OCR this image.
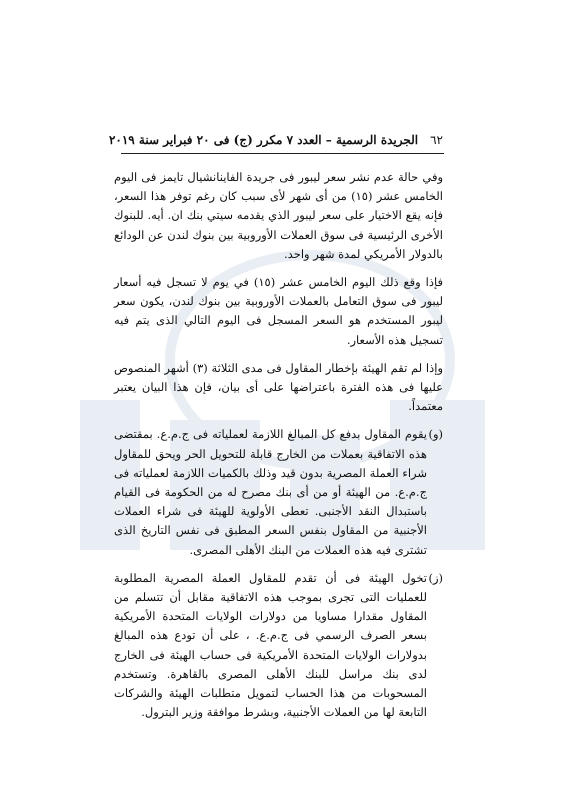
٦٢
الجريدة الرسمية – العدد ٧ مكرر (ج) فى ٢٠ فبراير سنة ٢٠١٩

وفي حالة عدم نشر سعر ليبور فى جريدة الفاينانشيال تايمز فى اليوم الخامس عشر (١٥) من أى شهر لأى سبب كان رغم توفر هذا السعر، فإنه يقع الاختيار على سعر ليبور الذي يقدمه سيتي بنك ان. أيه. للبنوك الأخرى الرئيسية فى سوق العملات الأوروبية بين بنوك لندن عن الودائع بالدولار الأمريكي لمدة شهر واحد.

فإذا وقع ذلك اليوم الخامس عشر (١٥) في يوم لا تسجل فيه أسعار ليبور فى سوق التعامل بالعملات الأوروبية بين بنوك لندن، يكون سعر ليبور المستخدم هو السعر المسجل فى اليوم التالي الذى يتم فيه تسجيل هذه الأسعار.

وإذا لم تقم الهيئة بإخطار المقاول فى مدى الثلاثة (٣) أشهر المنصوص عليها فى هذه الفترة باعتراضها على أى بيان، فإن هذا البيان يعتبر معتمداً.

(و)
يقوم المقاول بدفع كل المبالغ اللازمة لعملياته فى ج.م.ع. بمقتضى هذه الاتفاقية بعملات من الخارج قابلة للتحويل الحر ويحق للمقاول شراء العملة المصرية بدون قيد وذلك بالكميات اللازمة لعملياته فى ج.م.ع. من الهيئة أو من أى بنك مصرح له من الحكومة فى القيام باستبدال النقد الأجنبى. تعطى الأولوية للهيئة فى شراء العملات الأجنبية من المقاول بنفس السعر المطبق فى نفس التاريخ الذى تشترى فيه هذه العملات من البنك الأهلى المصرى.
(ز)
تخول الهيئة فى أن تقدم للمقاول العملة المصرية المطلوبة للعمليات التى تجرى بموجب هذه الاتفاقية مقابل أن تتسلم من المقاول مقدارا مساويا من دولارات الولايات المتحدة الأمريكية بسعر الصرف الرسمي فى ج.م.ع. ، على أن تودع هذه المبالغ بدولارات الولايات المتحدة الأمريكية فى حساب الهيئة فى الخارج لدى بنك مراسل للبنك الأهلى المصرى بالقاهرة. وتستخدم المسحوبات من هذا الحساب لتمويل متطلبات الهيئة والشركات التابعة لها من العملات الأجنبية، وبشرط موافقة وزير البترول.
